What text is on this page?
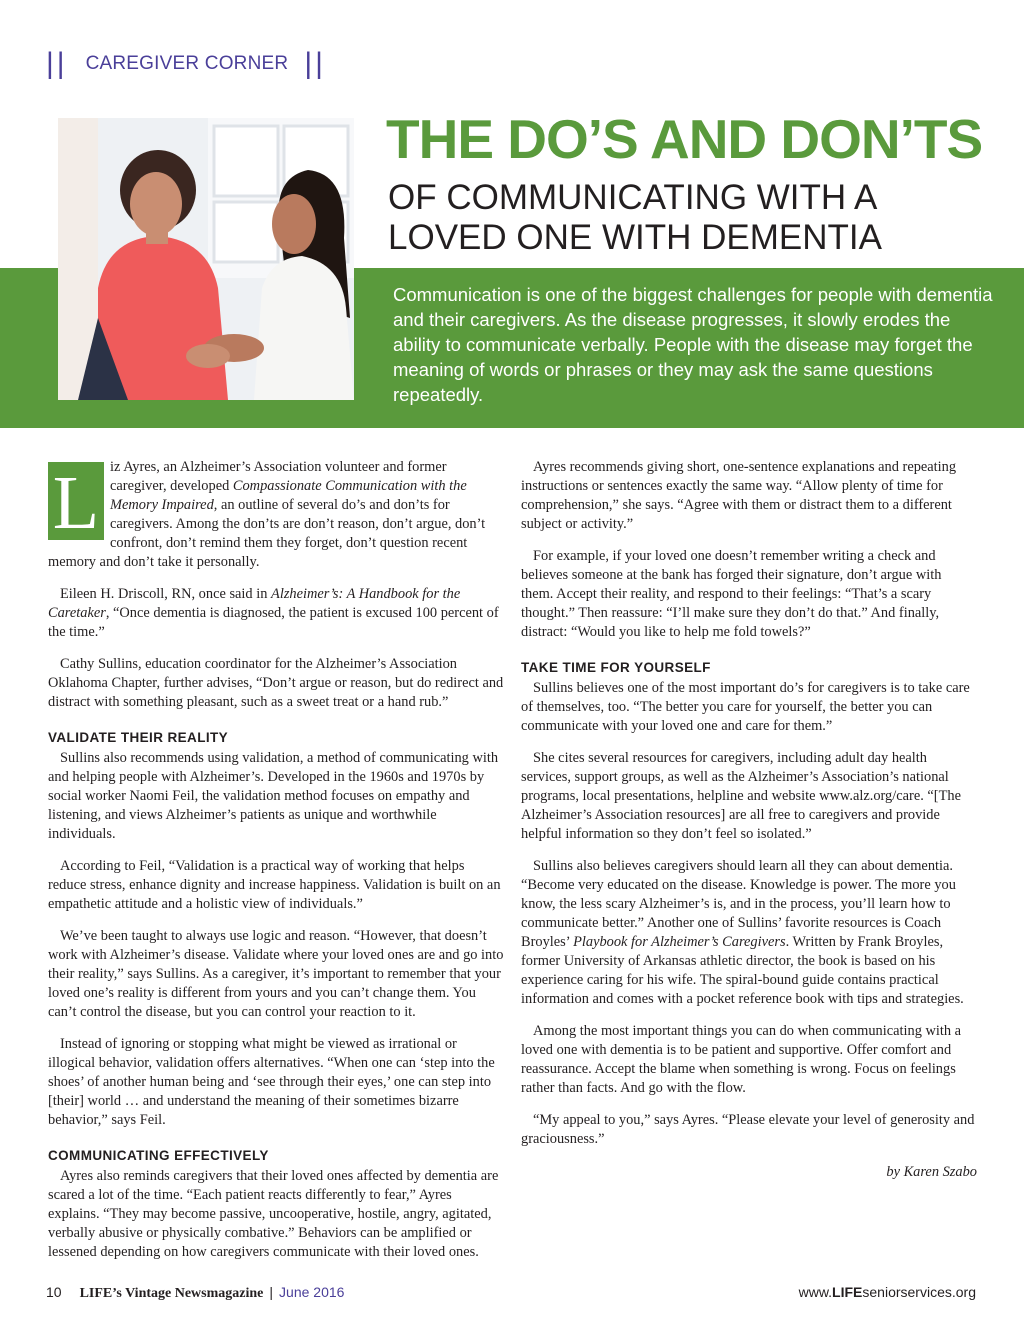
|| CAREGIVER CORNER ||
THE DO’S AND DON’TS
OF COMMUNICATING WITH A
LOVED ONE WITH DEMENTIA
Communication is one of the biggest challenges for people with dementia and their caregivers. As the disease progresses, it slowly erodes the ability to communicate verbally. People with the disease may forget the meaning of words or phrases or they may ask the same questions repeatedly.
L iz Ayres, an Alzheimer’s Association volunteer and former caregiver, developed Compassionate Communication with the Memory Impaired, an outline of several do’s and don’ts for caregivers. Among the don’ts are don’t reason, don’t argue, don’t confront, don’t remind them they forget, don’t question recent memory and don’t take it personally.

Eileen H. Driscoll, RN, once said in Alzheimer’s: A Handbook for the Caretaker, “Once dementia is diagnosed, the patient is excused 100 percent of the time.”

Cathy Sullins, education coordinator for the Alzheimer’s Association Oklahoma Chapter, further advises, “Don’t argue or reason, but do redirect and distract with something pleasant, such as a sweet treat or a hand rub.”

VALIDATE THEIR REALITY

Sullins also recommends using validation, a method of communicating with and helping people with Alzheimer’s. Developed in the 1960s and 1970s by social worker Naomi Feil, the validation method focuses on empathy and listening, and views Alzheimer’s patients as unique and worthwhile individuals.

According to Feil, “Validation is a practical way of working that helps reduce stress, enhance dignity and increase happiness. Validation is built on an empathetic attitude and a holistic view of individuals.”

We’ve been taught to always use logic and reason. “However, that doesn’t work with Alzheimer’s disease. Validate where your loved ones are and go into their reality,” says Sullins. As a caregiver, it’s important to remember that your loved one’s reality is different from yours and you can’t change them. You can’t control the disease, but you can control your reaction to it.

Instead of ignoring or stopping what might be viewed as irrational or illogical behavior, validation offers alternatives. “When one can ‘step into the shoes’ of another human being and ‘see through their eyes,’ one can step into [their] world … and understand the meaning of their sometimes bizarre behavior,” says Feil.

COMMUNICATING EFFECTIVELY

Ayres also reminds caregivers that their loved ones affected by dementia are scared a lot of the time. “Each patient reacts differently to fear,” Ayres explains. “They may become passive, uncooperative, hostile, angry, agitated, verbally abusive or physically combative.” Behaviors can be amplified or lessened depending on how caregivers communicate with their loved ones.

Ayres recommends giving short, one-sentence explanations and repeating instructions or sentences exactly the same way. “Allow plenty of time for comprehension,” she says. “Agree with them or distract them to a different subject or activity.”

For example, if your loved one doesn’t remember writing a check and believes someone at the bank has forged their signature, don’t argue with them. Accept their reality, and respond to their feelings: “That’s a scary thought.” Then reassure: “I’ll make sure they don’t do that.” And finally, distract: “Would you like to help me fold towels?”

TAKE TIME FOR YOURSELF

Sullins believes one of the most important do’s for caregivers is to take care of themselves, too. “The better you care for yourself, the better you can communicate with your loved one and care for them.”

She cites several resources for caregivers, including adult day health services, support groups, as well as the Alzheimer’s Association’s national programs, local presentations, helpline and website www.alz.org/care. “[The Alzheimer’s Association resources] are all free to caregivers and provide helpful information so they don’t feel so isolated.”

Sullins also believes caregivers should learn all they can about dementia. “Become very educated on the disease. Knowledge is power. The more you know, the less scary Alzheimer’s is, and in the process, you’ll learn how to communicate better.” Another one of Sullins’ favorite resources is Coach Broyles’ Playbook for Alzheimer’s Caregivers. Written by Frank Broyles, former University of Arkansas athletic director, the book is based on his experience caring for his wife. The spiral-bound guide contains practical information and comes with a pocket reference book with tips and strategies.

Among the most important things you can do when communicating with a loved one with dementia is to be patient and supportive. Offer comfort and reassurance. Accept the blame when something is wrong. Focus on feelings rather than facts. And go with the flow.

“My appeal to you,” says Ayres. “Please elevate your level of generosity and graciousness.”

by Karen Szabo
10 LIFE’s Vintage Newsmagazine | June 2016	www.LIFEseniorservices.org
